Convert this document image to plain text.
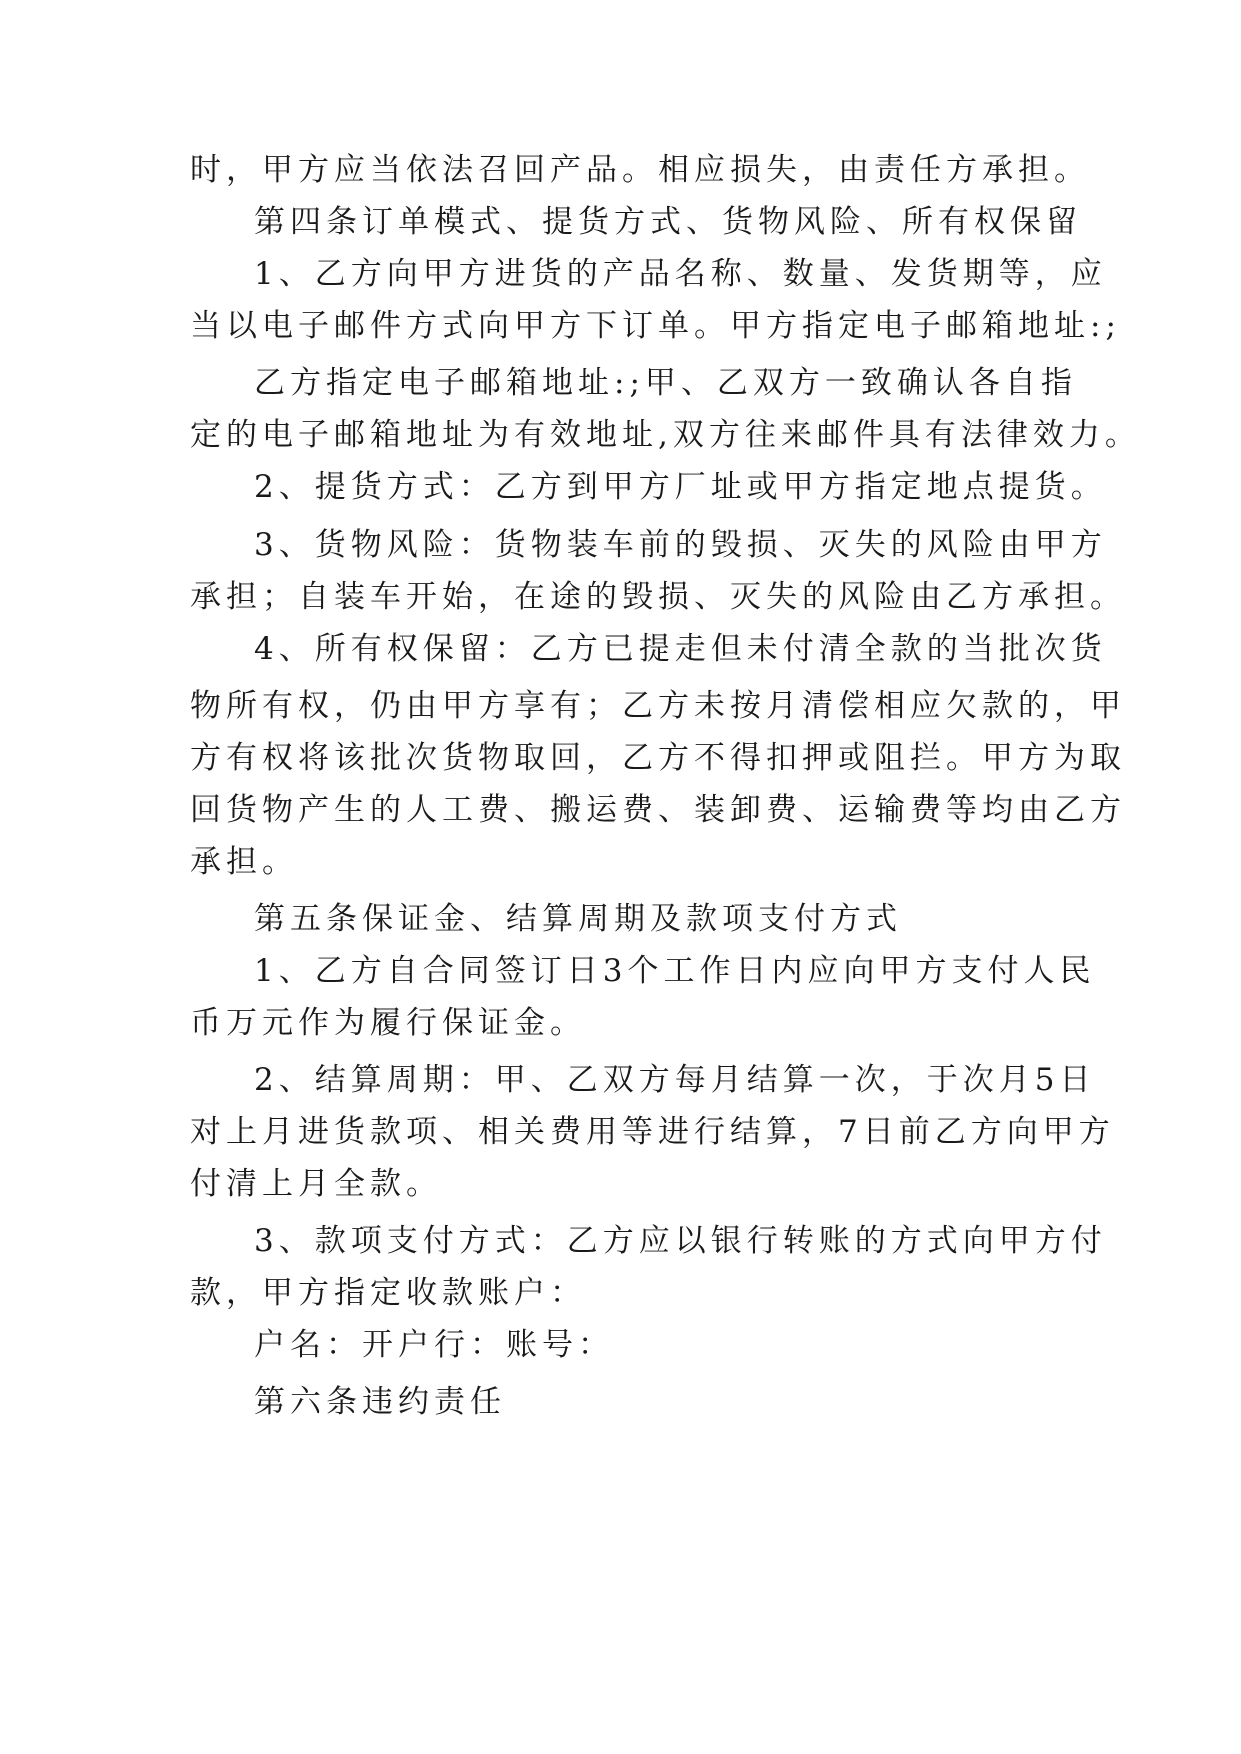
时，甲方应当依法召回产品。相应损失，由责任方承担。
第四条订单模式、提货方式、货物风险、所有权保留
1、乙方向甲方进货的产品名称、数量、发货期等，应
当以电子邮件方式向甲方下订单。甲方指定电子邮箱地址:;
乙方指定电子邮箱地址:;甲、乙双方一致确认各自指
定的电子邮箱地址为有效地址,双方往来邮件具有法律效力。
2、提货方式：乙方到甲方厂址或甲方指定地点提货。
3、货物风险：货物装车前的毁损、灭失的风险由甲方
承担；自装车开始，在途的毁损、灭失的风险由乙方承担。
4、所有权保留：乙方已提走但未付清全款的当批次货
物所有权，仍由甲方享有；乙方未按月清偿相应欠款的，甲
方有权将该批次货物取回，乙方不得扣押或阻拦。甲方为取
回货物产生的人工费、搬运费、装卸费、运输费等均由乙方
承担。
第五条保证金、结算周期及款项支付方式
1、乙方自合同签订日3个工作日内应向甲方支付人民
币万元作为履行保证金。
2、结算周期：甲、乙双方每月结算一次，于次月5日
对上月进货款项、相关费用等进行结算，7日前乙方向甲方
付清上月全款。
3、款项支付方式：乙方应以银行转账的方式向甲方付
款，甲方指定收款账户：
户名：开户行：账号：
第六条违约责任
